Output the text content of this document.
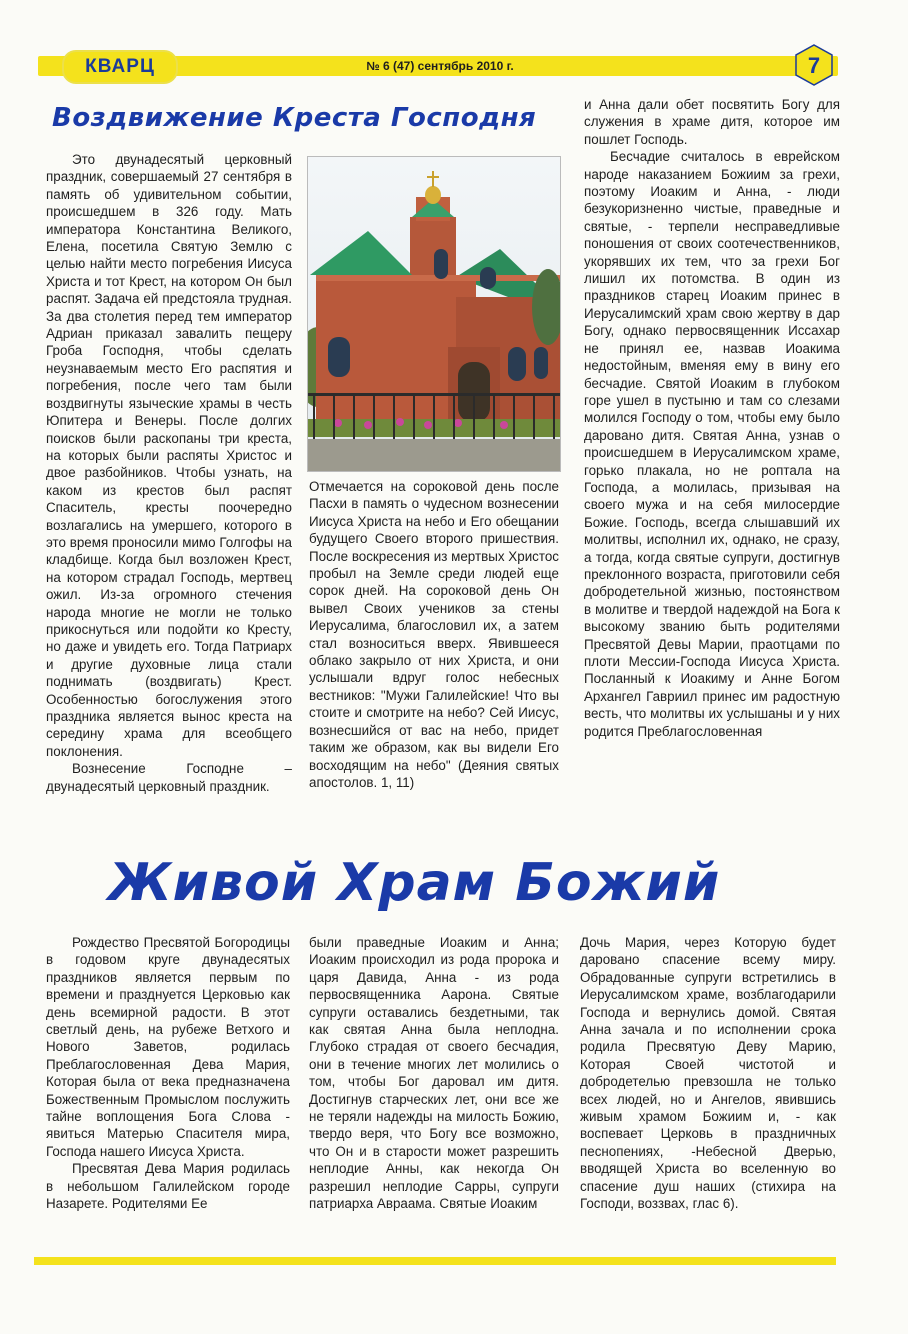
КВАРЦ	№ 6 (47) сентябрь 2010 г.	7
Воздвижение Креста Господня

Это двунадесятый церковный праздник, совершаемый 27 сентября в память об удивительном событии, происшедшем в 326 году. Мать императора Константина Великого, Елена, посетила Святую Землю с целью найти место погребения Иисуса Христа и тот Крест, на котором Он был распят. Задача ей предстояла трудная. За два столетия перед тем император Адриан приказал завалить пещеру Гроба Господня, чтобы сделать неузнаваемым место Его распятия и погребения, после чего там были воздвигнуты языческие храмы в честь Юпитера и Венеры. После долгих поисков были раскопаны три креста, на которых были распяты Христос и двое разбойников. Чтобы узнать, на каком из крестов был распят Спаситель, кресты поочередно возлагались на умершего, которого в это время проносили мимо Голгофы на кладбище. Когда был возложен Крест, на котором страдал Господь, мертвец ожил. Из-за огромного стечения народа многие не могли не только прикоснуться или подойти ко Кресту, но даже и увидеть его. Тогда Патриарх и другие духовные лица стали поднимать (воздвигать) Крест. Особенностью богослужения этого праздника является вынос креста на середину храма для всеобщего поклонения.

Вознесение Господне – двунадесятый церковный праздник.

Отмечается на сороковой день после Пасхи в память о чудесном вознесении Иисуса Христа на небо и Его обещании будущего Своего второго пришествия. После воскресения из мертвых Христос пробыл на Земле среди людей еще сорок дней. На сороковой день Он вывел Своих учеников за стены Иерусалима, благословил их, а затем стал возноситься вверх. Явившееся облако закрыло от них Христа, и они услышали вдруг голос небесных вестников: "Мужи Галилейские! Что вы стоите и смотрите на небо? Сей Иисус, вознесшийся от вас на небо, придет таким же образом, как вы видели Его восходящим на небо" (Деяния святых апостолов. 1, 11)

и Анна дали обет посвятить Богу для служения в храме дитя, которое им пошлет Господь.

Бесчадие считалось в еврейском народе наказанием Божиим за грехи, поэтому Иоаким и Анна, - люди безукоризненно чистые, праведные и святые, - терпели несправедливые поношения от своих соотечественников, укорявших их тем, что за грехи Бог лишил их потомства. В один из праздников старец Иоаким принес в Иерусалимский храм свою жертву в дар Богу, однако первосвященник Иссахар не принял ее, назвав Иоакима недостойным, вменяя ему в вину его бесчадие. Святой Иоаким в глубоком горе ушел в пустыню и там со слезами молился Господу о том, чтобы ему было даровано дитя. Святая Анна, узнав о происшедшем в Иерусалимском храме, горько плакала, но не роптала на Господа, а молилась, призывая на своего мужа и на себя милосердие Божие. Господь, всегда слышавший их молитвы, исполнил их, однако, не сразу, а тогда, когда святые супруги, достигнув преклонного возраста, приготовили себя добродетельной жизнью, постоянством в молитве и твердой надеждой на Бога к высокому званию быть родителями Пресвятой Девы Марии, праотцами по плоти Мессии-Господа Иисуса Христа. Посланный к Иоакиму и Анне Богом Архангел Гавриил принес им радостную весть, что молитвы их услышаны и у них родится Преблагословенная

Живой Храм Божий

Рождество Пресвятой Богородицы в годовом круге двунадесятых праздников является первым по времени и празднуется Церковью как день всемирной радости. В этот светлый день, на рубеже Ветхого и Нового Заветов, родилась Преблагословенная Дева Мария, Которая была от века предназначена Божественным Промыслом послужить тайне воплощения Бога Слова - явиться Матерью Спасителя мира, Господа нашего Иисуса Христа.

Пресвятая Дева Мария родилась в небольшом Галилейском городе Назарете. Родителями Ее

были праведные Иоаким и Анна; Иоаким происходил из рода пророка и царя Давида, Анна - из рода первосвященника Аарона. Святые супруги оставались бездетными, так как святая Анна была неплодна. Глубоко страдая от своего бесчадия, они в течение многих лет молились о том, чтобы Бог даровал им дитя. Достигнув старческих лет, они все же не теряли надежды на милость Божию, твердо веря, что Богу все возможно, что Он и в старости может разрешить неплодие Анны, как некогда Он разрешил неплодие Сарры, супруги патриарха Авраама. Святые Иоаким

Дочь Мария, через Которую будет даровано спасение всему миру. Обрадованные супруги встретились в Иерусалимском храме, возблагодарили Господа и вернулись домой. Святая Анна зачала и по исполнении срока родила Пресвятую Деву Марию, Которая Своей чистотой и добродетелью превзошла не только всех людей, но и Ангелов, явившись живым храмом Божиим и, - как воспевает Церковь в праздничных песнопениях, -Небесной Дверью, вводящей Христа во вселенную во спасение душ наших (стихира на Господи, воззвах, глас 6).
